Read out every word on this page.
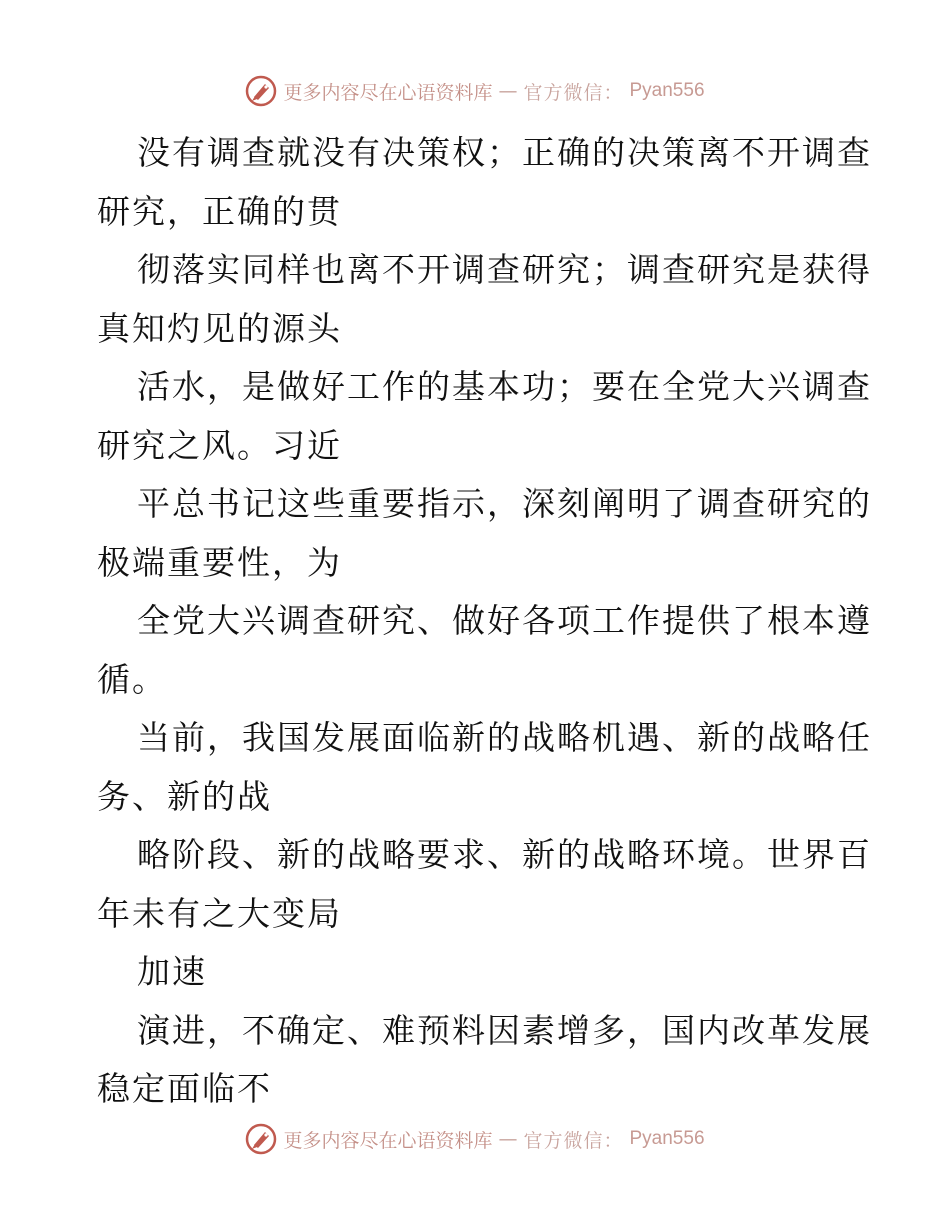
更多内容尽在心语资料库 — 官方微信： Pyan556

没有调查就没有决策权；正确的决策离不开调查
研究，正确的贯

彻落实同样也离不开调查研究；调查研究是获得
真知灼见的源头

活水，是做好工作的基本功；要在全党大兴调查
研究之风。习近

平总书记这些重要指示，深刻阐明了调查研究的
极端重要性，为

全党大兴调查研究、做好各项工作提供了根本遵
循。

当前，我国发展面临新的战略机遇、新的战略任
务、新的战

略阶段、新的战略要求、新的战略环境。世界百
年未有之大变局

加速

演进，不确定、难预料因素增多，国内改革发展
稳定面临不

更多内容尽在心语资料库 — 官方微信： Pyan556
